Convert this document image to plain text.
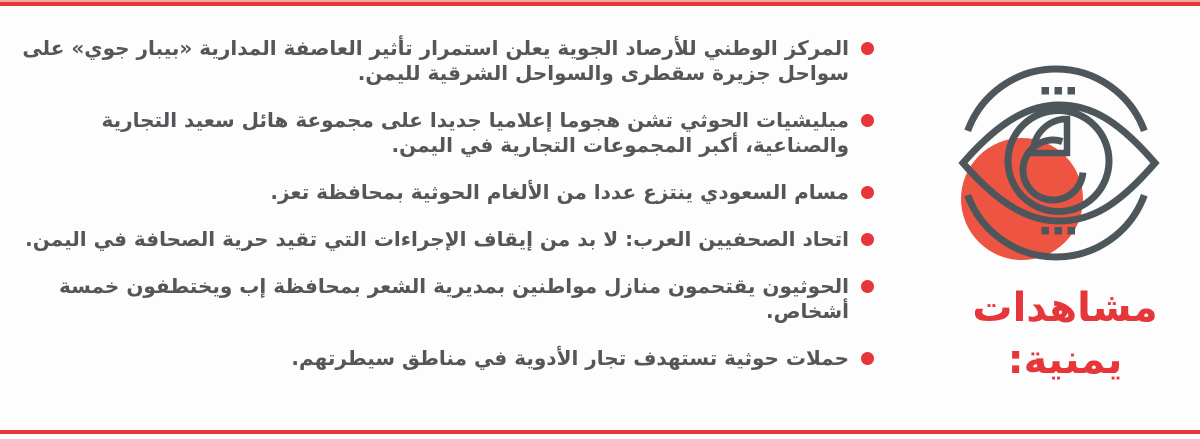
مشاهدات يمنية:
المركز الوطني للأرصاد الجوية يعلن استمرار تأثير العاصفة المدارية «بيبار جوي» على سواحل جزيرة سقطرى والسواحل الشرقية لليمن.
ميليشيات الحوثي تشن هجوما إعلاميا جديدا على مجموعة هائل سعيد التجارية والصناعية، أكبر المجموعات التجارية في اليمن.
مسام السعودي ينتزع عددا من الألغام الحوثية بمحافظة تعز.
اتحاد الصحفيين العرب: لا بد من إيقاف الإجراءات التي تقيد حرية الصحافة في اليمن.
الحوثيون يقتحمون منازل مواطنين بمديرية الشعر بمحافظة إب ويختطفون خمسة أشخاص.
حملات حوثية تستهدف تجار الأدوية في مناطق سيطرتهم.
